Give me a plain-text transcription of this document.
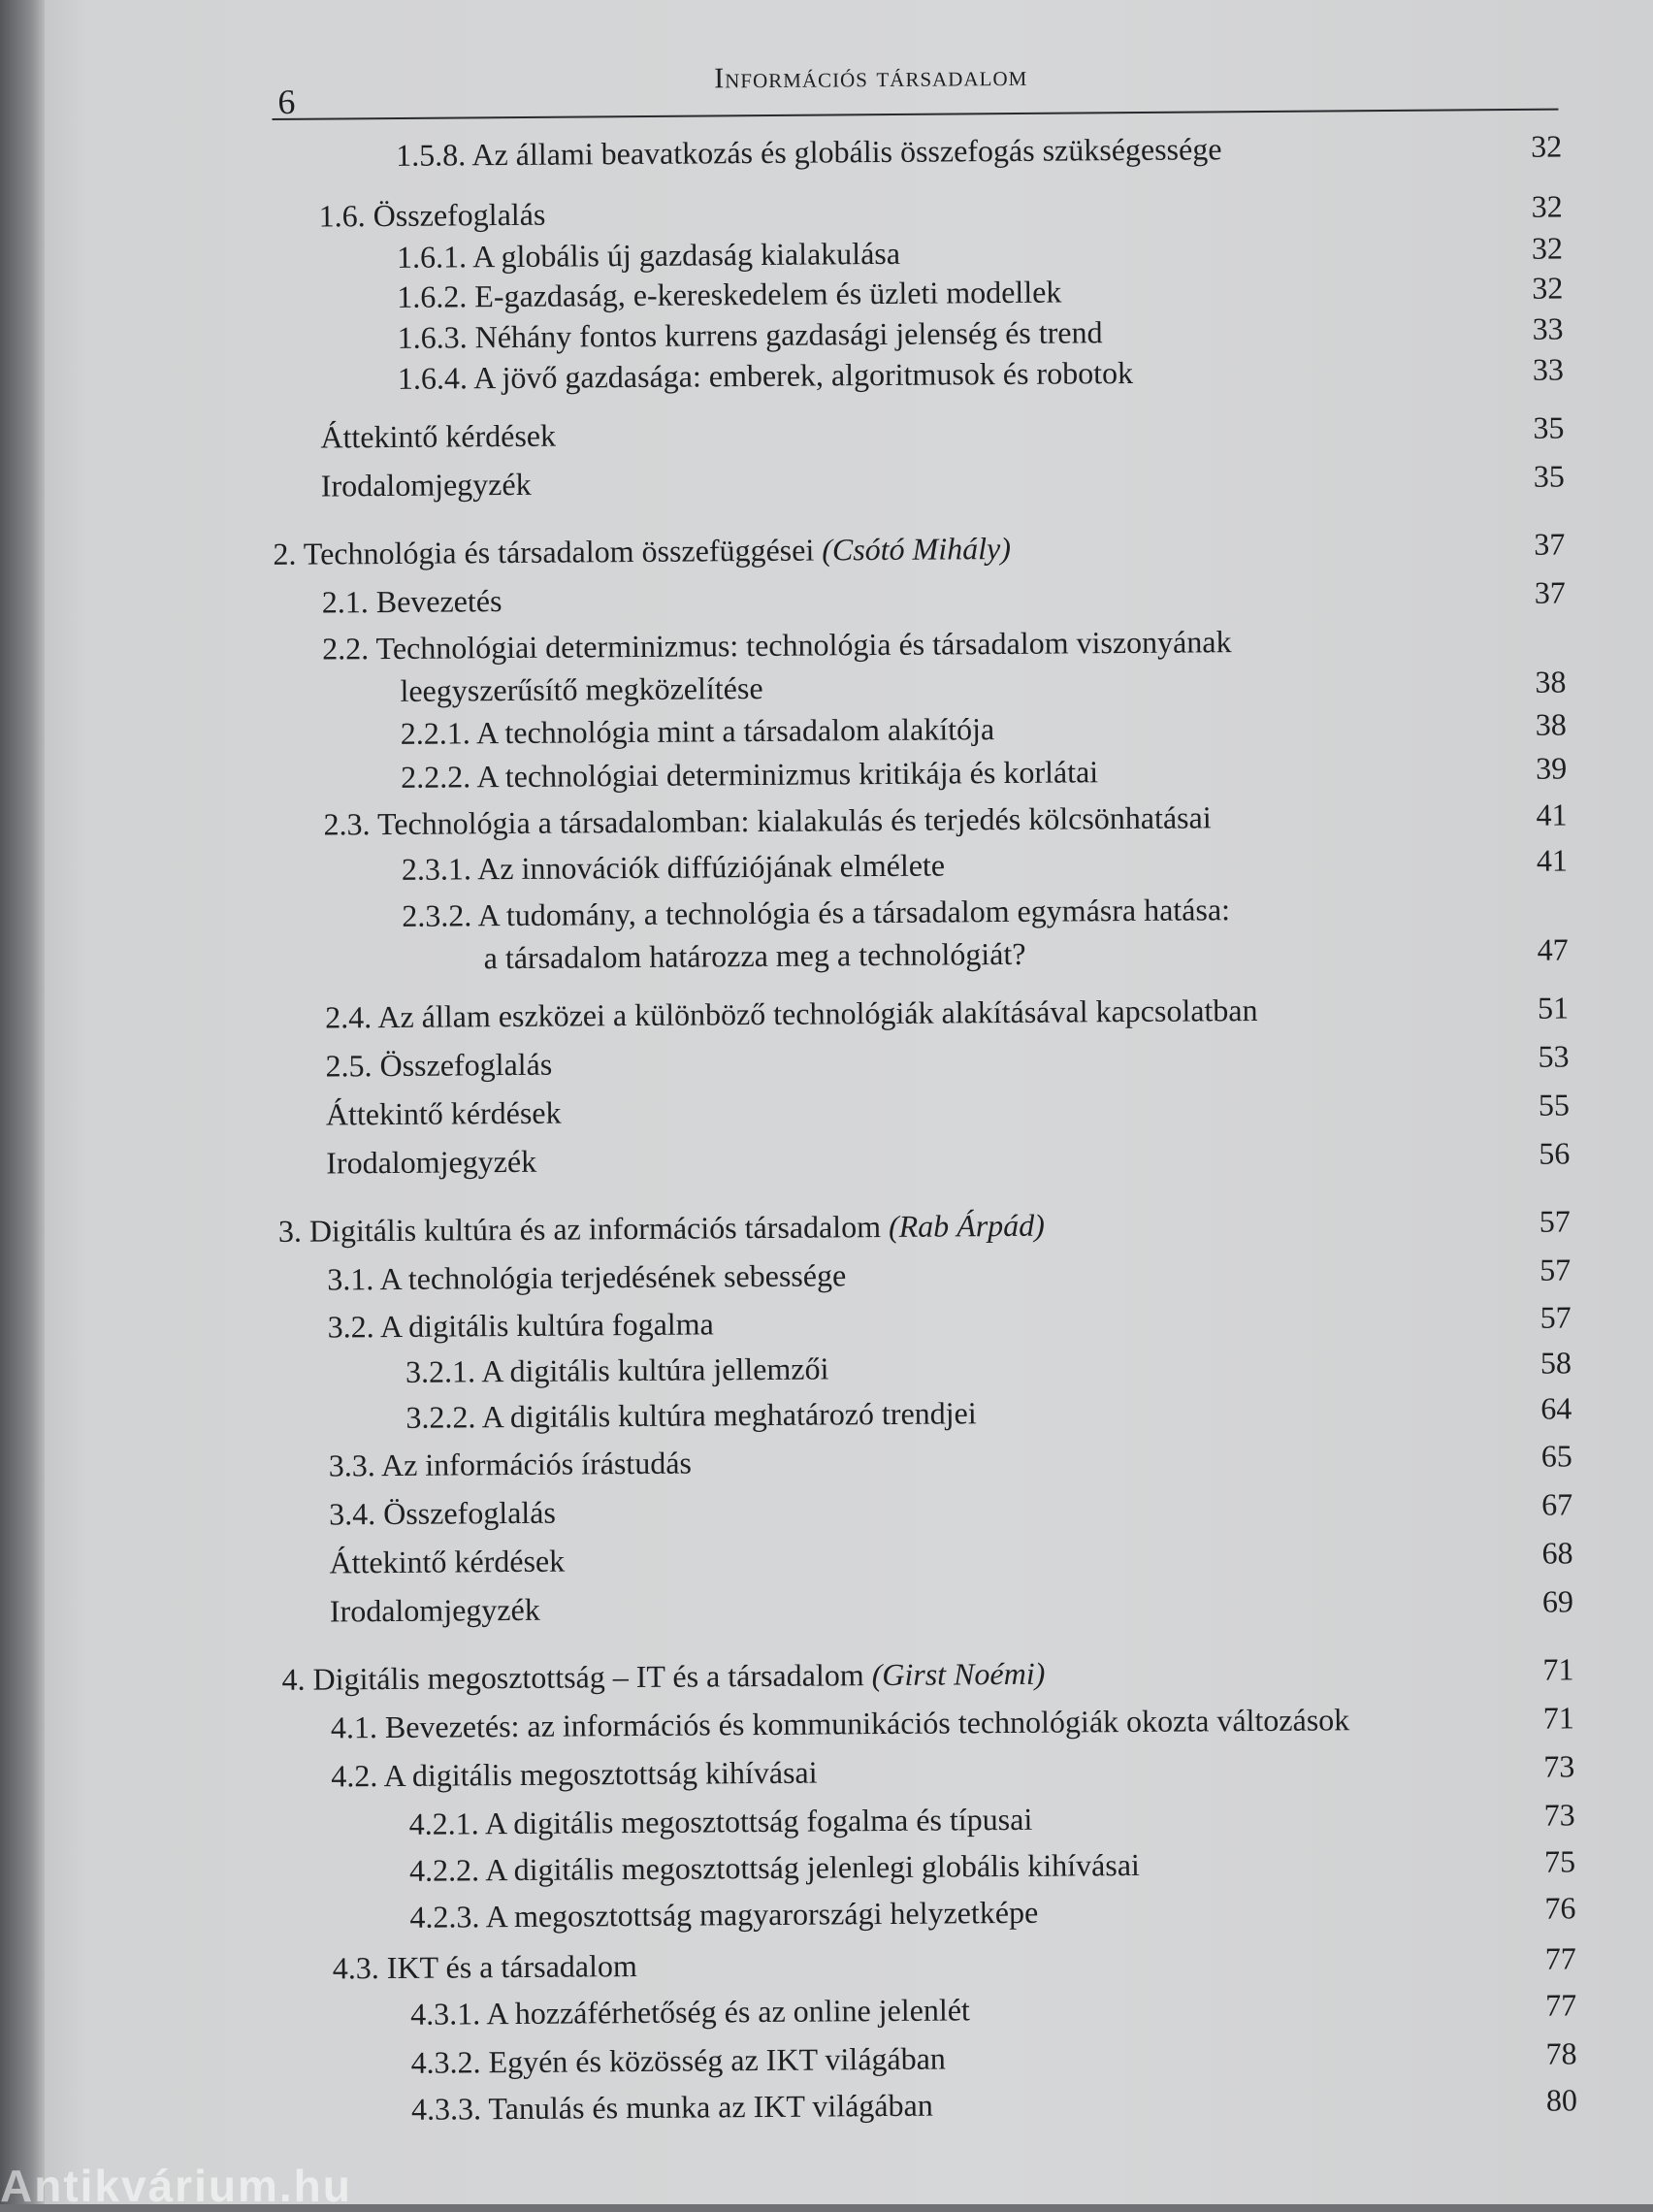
6
Információs társadalom
1.5.8. Az állami beavatkozás és globális összefogás szükségessége	32
1.6. Összefoglalás	32
1.6.1. A globális új gazdaság kialakulása	32
1.6.2. E-gazdaság, e-kereskedelem és üzleti modellek	32
1.6.3. Néhány fontos kurrens gazdasági jelenség és trend	33
1.6.4. A jövő gazdasága: emberek, algoritmusok és robotok	33
Áttekintő kérdések	35
Irodalomjegyzék	35
2. Technológia és társadalom összefüggései (Csótó Mihály)	37
2.1. Bevezetés	37
2.2. Technológiai determinizmus: technológia és társadalom viszonyának
leegyszerűsítő megközelítése	38
2.2.1. A technológia mint a társadalom alakítója	38
2.2.2. A technológiai determinizmus kritikája és korlátai	39
2.3. Technológia a társadalomban: kialakulás és terjedés kölcsönhatásai	41
2.3.1. Az innovációk diffúziójának elmélete	41
2.3.2. A tudomány, a technológia és a társadalom egymásra hatása:
a társadalom határozza meg a technológiát?	47
2.4. Az állam eszközei a különböző technológiák alakításával kapcsolatban	51
2.5. Összefoglalás	53
Áttekintő kérdések	55
Irodalomjegyzék	56
3. Digitális kultúra és az információs társadalom (Rab Árpád)	57
3.1. A technológia terjedésének sebessége	57
3.2. A digitális kultúra fogalma	57
3.2.1. A digitális kultúra jellemzői	58
3.2.2. A digitális kultúra meghatározó trendjei	64
3.3. Az információs írástudás	65
3.4. Összefoglalás	67
Áttekintő kérdések	68
Irodalomjegyzék	69
4. Digitális megosztottság – IT és a társadalom (Girst Noémi)	71
4.1. Bevezetés: az információs és kommunikációs technológiák okozta változások	71
4.2. A digitális megosztottság kihívásai	73
4.2.1. A digitális megosztottság fogalma és típusai	73
4.2.2. A digitális megosztottság jelenlegi globális kihívásai	75
4.2.3. A megosztottság magyarországi helyzetképe	76
4.3. IKT és a társadalom	77
4.3.1. A hozzáférhetőség és az online jelenlét	77
4.3.2. Egyén és közösség az IKT világában	78
4.3.3. Tanulás és munka az IKT világában	80
Antikvárium.hu
